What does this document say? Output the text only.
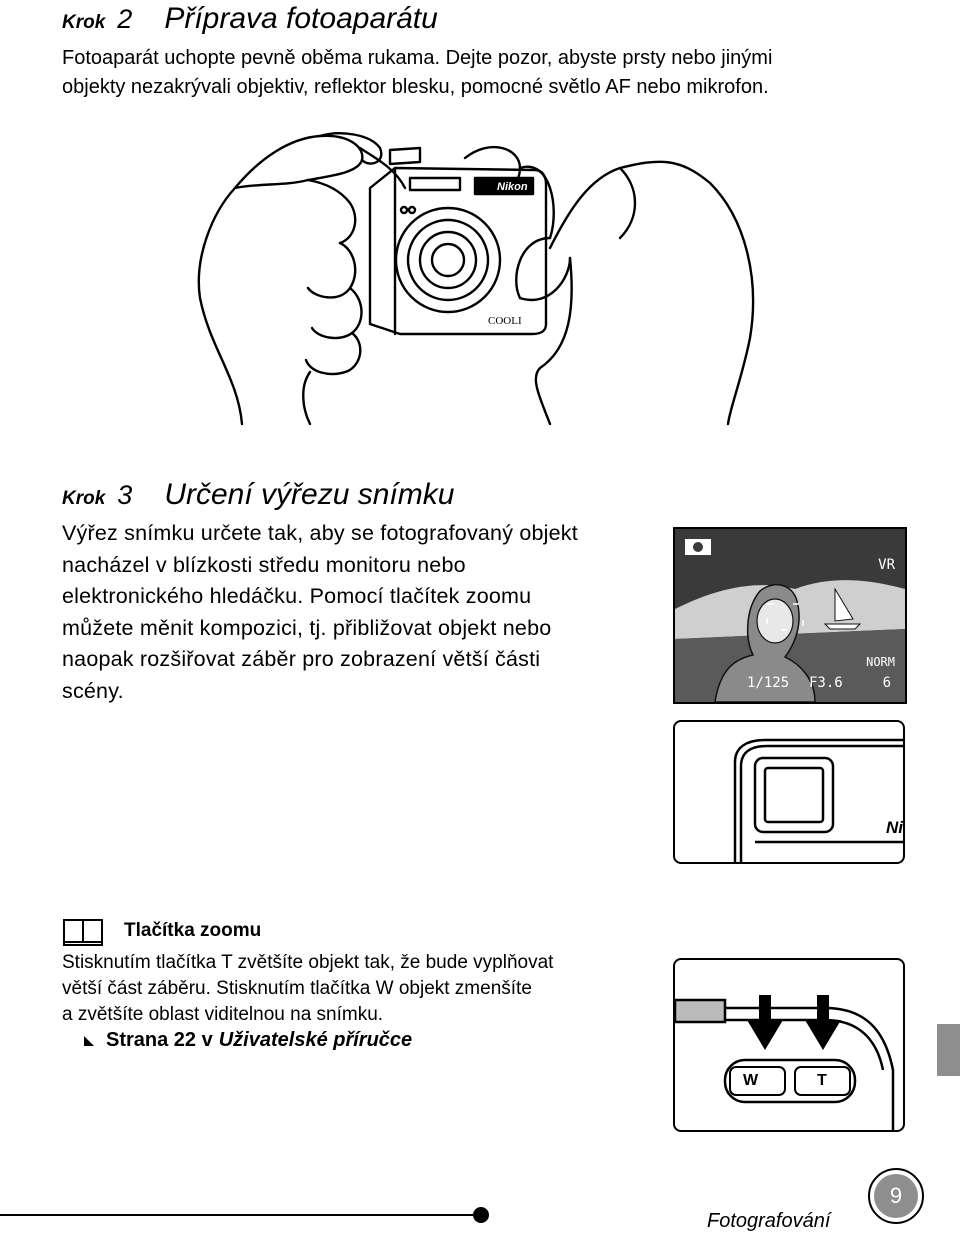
Krok 2 Příprava fotoaparátu
Fotoaparát uchopte pevně oběma rukama. Dejte pozor, abyste prsty nebo jinými
objekty nezakrývali objektiv, reflektor blesku, pomocné světlo AF nebo mikrofon.
Nikon
COOLI
Krok 3 Určení výřezu snímku
Výřez snímku určete tak, aby se fotografovaný objekt
nacházel v blízkosti středu monitoru nebo
elektronického hledáčku. Pomocí tlačítek zoomu
můžete měnit kompozici, tj. přibližovat objekt nebo
naopak rozšiřovat záběr pro zobrazení větší části
scény.
VR
NORM
1/125 F3.6	6
Ni
Tlačítka zoomu
Stisknutím tlačítka T zvětšíte objekt tak, že bude vyplňovat
větší část záběru. Stisknutím tlačítka W objekt zmenšíte
a zvětšíte oblast viditelnou na snímku.
Strana 22 v Uživatelské příručce
W	T
Fotografování
9
